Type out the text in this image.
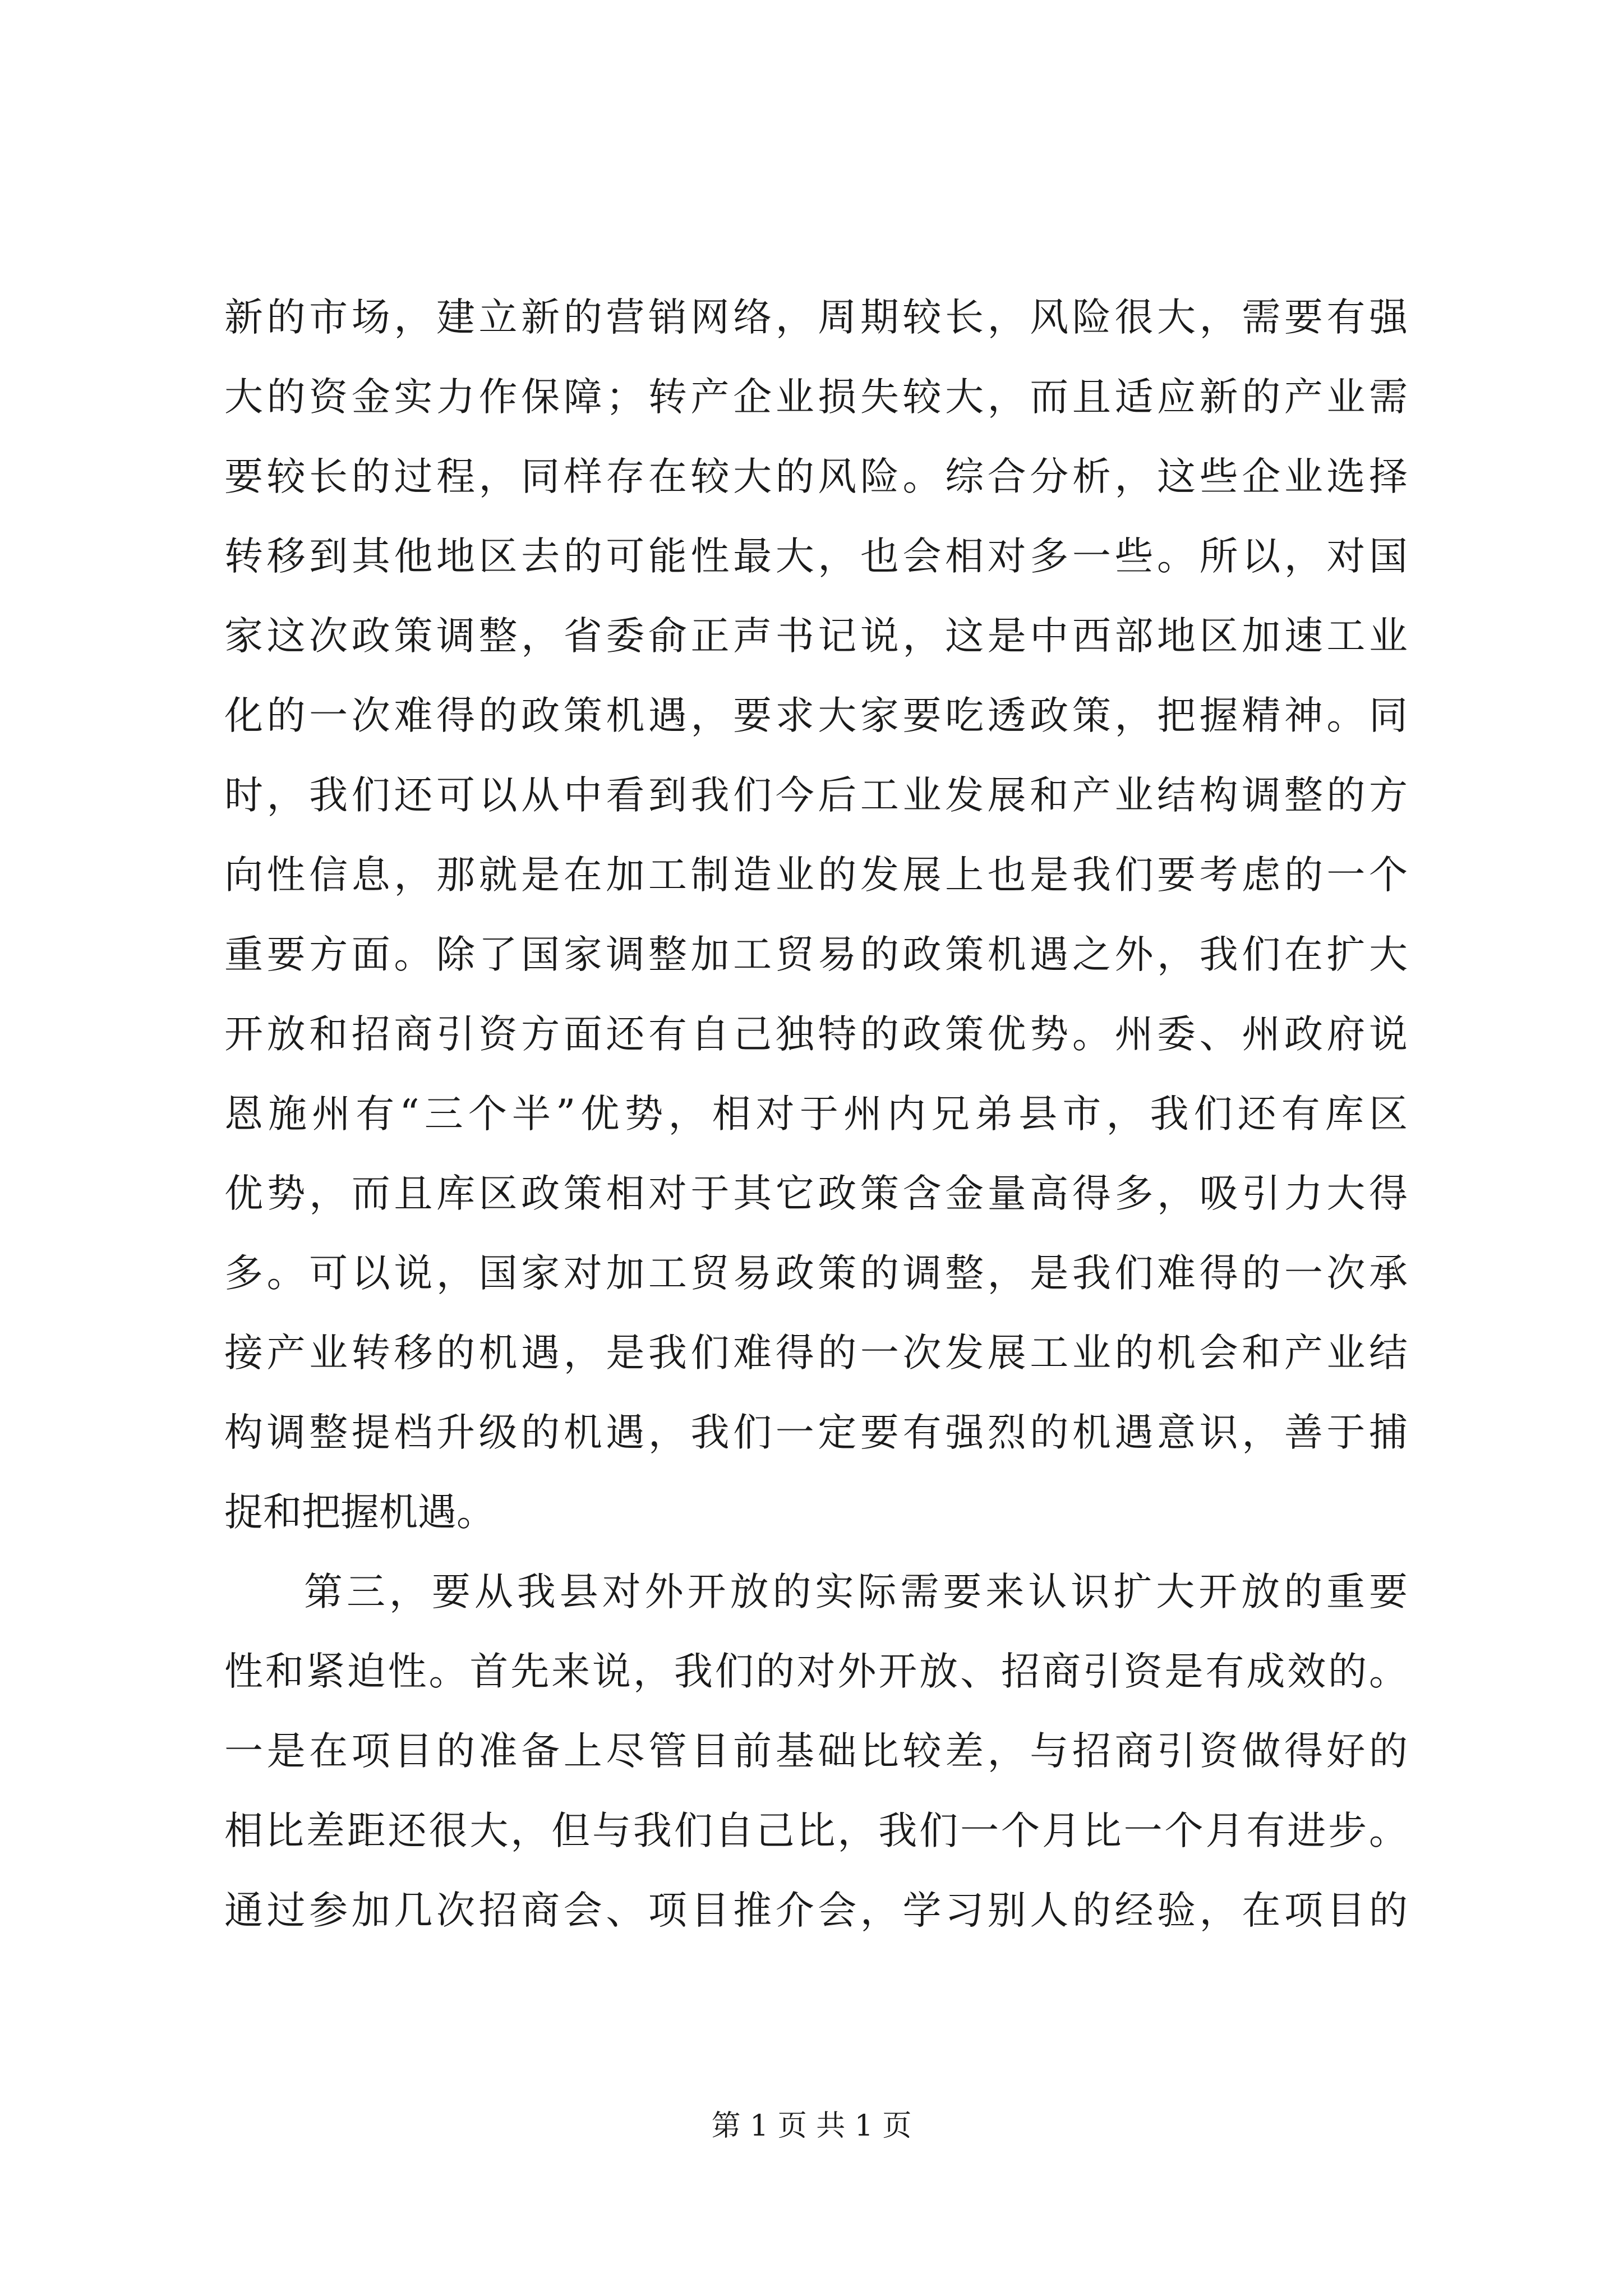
新的市场，建立新的营销网络，周期较长，风险很大，需要有强
大的资金实力作保障；转产企业损失较大，而且适应新的产业需
要较长的过程，同样存在较大的风险。综合分析，这些企业选择
转移到其他地区去的可能性最大，也会相对多一些。所以，对国
家这次政策调整，省委俞正声书记说，这是中西部地区加速工业
化的一次难得的政策机遇，要求大家要吃透政策，把握精神。同
时，我们还可以从中看到我们今后工业发展和产业结构调整的方
向性信息，那就是在加工制造业的发展上也是我们要考虑的一个
重要方面。除了国家调整加工贸易的政策机遇之外，我们在扩大
开放和招商引资方面还有自己独特的政策优势。州委、州政府说
恩施州有“三个半”优势，相对于州内兄弟县市，我们还有库区
优势，而且库区政策相对于其它政策含金量高得多，吸引力大得
多。可以说，国家对加工贸易政策的调整，是我们难得的一次承
接产业转移的机遇，是我们难得的一次发展工业的机会和产业结
构调整提档升级的机遇，我们一定要有强烈的机遇意识，善于捕
捉和把握机遇。
第三，要从我县对外开放的实际需要来认识扩大开放的重要
性和紧迫性。首先来说，我们的对外开放、招商引资是有成效的。
一是在项目的准备上尽管目前基础比较差，与招商引资做得好的
相比差距还很大，但与我们自己比，我们一个月比一个月有进步。
通过参加几次招商会、项目推介会，学习别人的经验，在项目的
第 1 页 共 1 页
